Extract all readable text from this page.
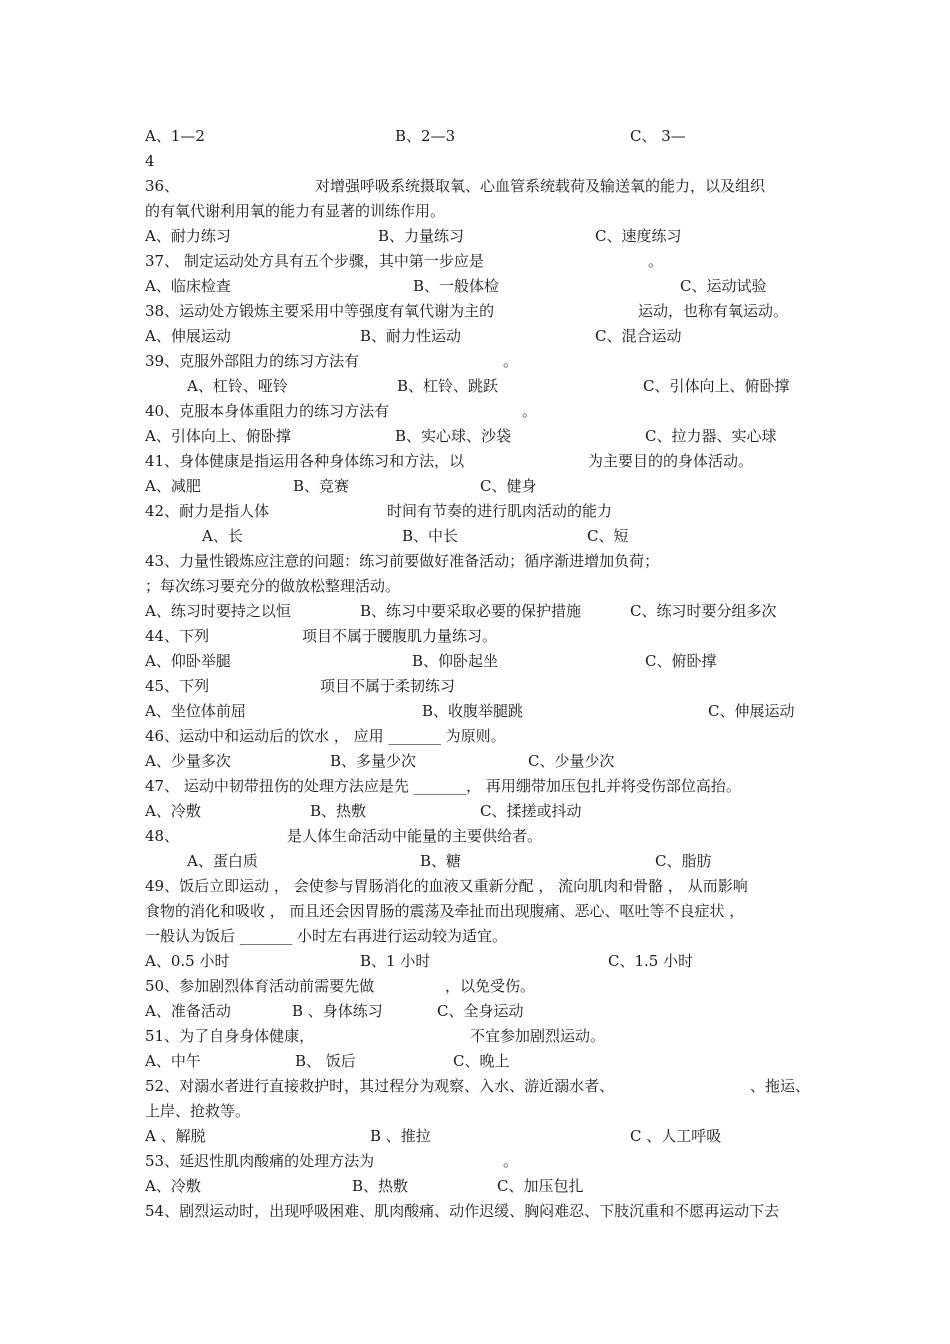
A、1—2	B、2—3	C、 3—
4
36、	对增强呼吸系统摄取氧、心血管系统载荷及输送氧的能力，以及组织
的有氧代谢利用氧的能力有显著的训练作用。
A、耐力练习	B、力量练习	C、速度练习
37、 制定运动处方具有五个步骤，其中第一步应是	。
A、临床检查	B、一般体检	C、运动试验
38、运动处方锻炼主要采用中等强度有氧代谢为主的	运动，也称有氧运动。
A、伸展运动	B、耐力性运动	C、混合运动
39、克服外部阻力的练习方法有	。
A、杠铃、哑铃	B、杠铃、跳跃	C、引体向上、俯卧撑
40、克服本身体重阻力的练习方法有	。
A、引体向上、俯卧撑	B、实心球、沙袋	C、拉力器、实心球
41、身体健康是指运用各种身体练习和方法，以	为主要目的的身体活动。
A、减肥	B、竞赛	C、健身
42、耐力是指人体	时间有节奏的进行肌肉活动的能力
A、长	B、中长	C、短
43、力量性锻炼应注意的问题：练习前要做好准备活动；循序渐进增加负荷；
；每次练习要充分的做放松整理活动。
A、练习时要持之以恒	B、练习中要采取必要的保护措施	C、练习时要分组多次
44、下列	项目不属于腰腹肌力量练习。
A、仰卧举腿	B、仰卧起坐	C、俯卧撑
45、下列	项目不属于柔韧练习
A、坐位体前屈	B、收腹举腿跳	C、伸展运动
46、运动中和运动后的饮水 ， 应用 _______ 为原则。
A、少量多次	B、多量少次	C、少量少次
47、 运动中韧带扭伤的处理方法应是先 _______， 再用绷带加压包扎并将受伤部位高抬。
A、冷敷	B、热敷	C、揉搓或抖动
48、	是人体生命活动中能量的主要供给者。
A、蛋白质	B、糖	C、脂肪
49、饭后立即运动 ， 会使参与胃肠消化的血液又重新分配 ， 流向肌肉和骨骼 ， 从而影响
食物的消化和吸收 ， 而且还会因胃肠的震荡及牵扯而出现腹痛、恶心、呕吐等不良症状 ，
一般认为饭后 _______ 小时左右再进行运动较为适宜。
A、0.5 小时	B、1 小时	C、1.5 小时
50、参加剧烈体育活动前需要先做	，以免受伤。
A、准备活动	B 、身体练习	C、全身运动
51、为了自身身体健康，	不宜参加剧烈运动。
A、中午	B、 饭后	C、晚上
52、对溺水者进行直接救护时，其过程分为观察、入水、游近溺水者、	、拖运、
上岸、抢救等。
A 、解脱	B 、推拉	C 、人工呼吸
53、延迟性肌肉酸痛的处理方法为	。
A、冷敷	B、热敷	C、加压包扎
54、剧烈运动时，出现呼吸困难、肌肉酸痛、动作迟缓、胸闷难忍、下肢沉重和不愿再运动下去
